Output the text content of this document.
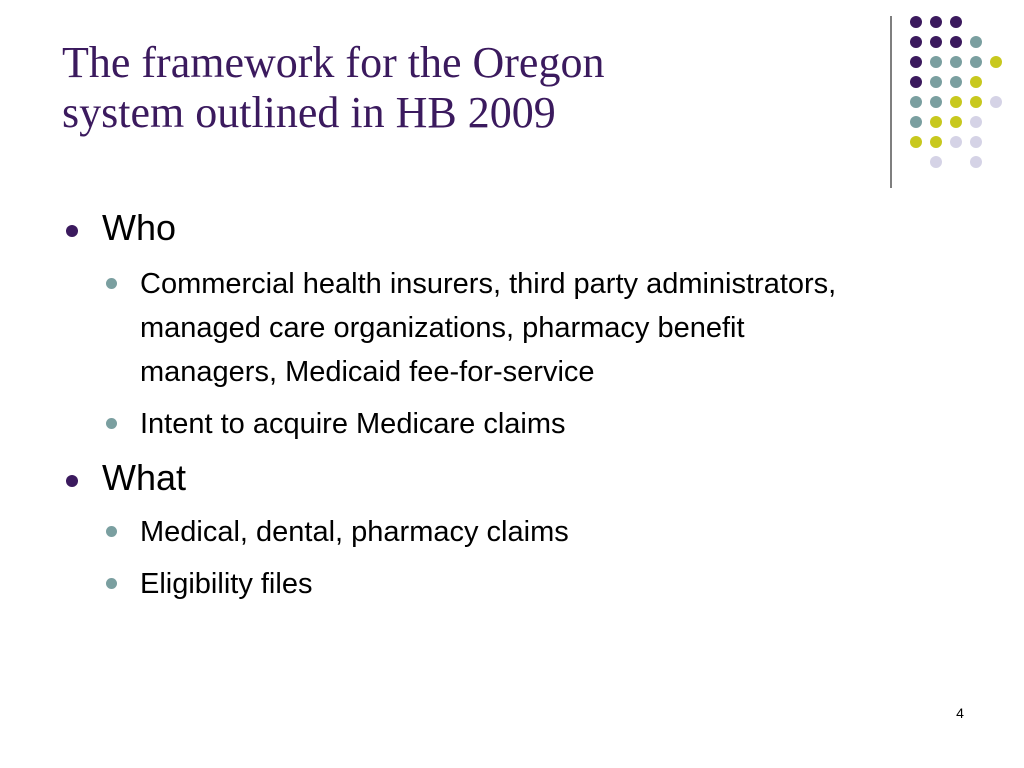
The framework for the Oregon
system outlined in HB 2009
Who
Commercial health insurers, third party administrators, managed care organizations, pharmacy benefit managers, Medicaid fee-for-service
Intent to acquire Medicare claims
What
Medical, dental, pharmacy claims
Eligibility files
4
